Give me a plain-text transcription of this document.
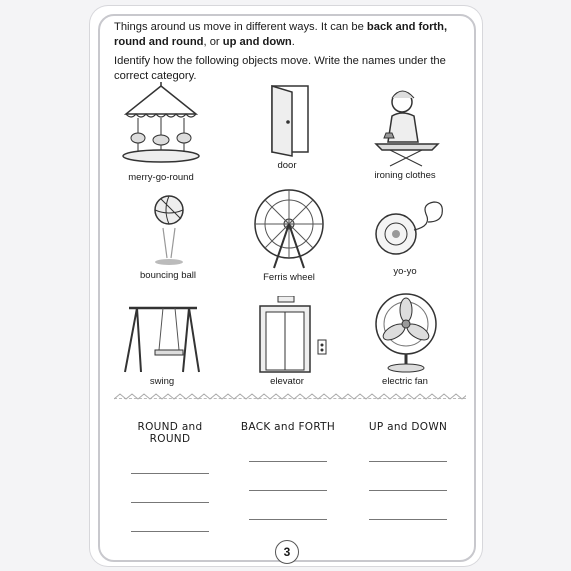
Things around us move in different ways. It can be back and forth, round and round, or up and down.

Identify how the following objects move. Write the names under the correct category.

merry-go-round
door
ironing clothes
bouncing ball	Ferris wheel
yo-yo
swing	elevator	electric fan
ROUND and ROUND
BACK and FORTH	UP and DOWN
3
